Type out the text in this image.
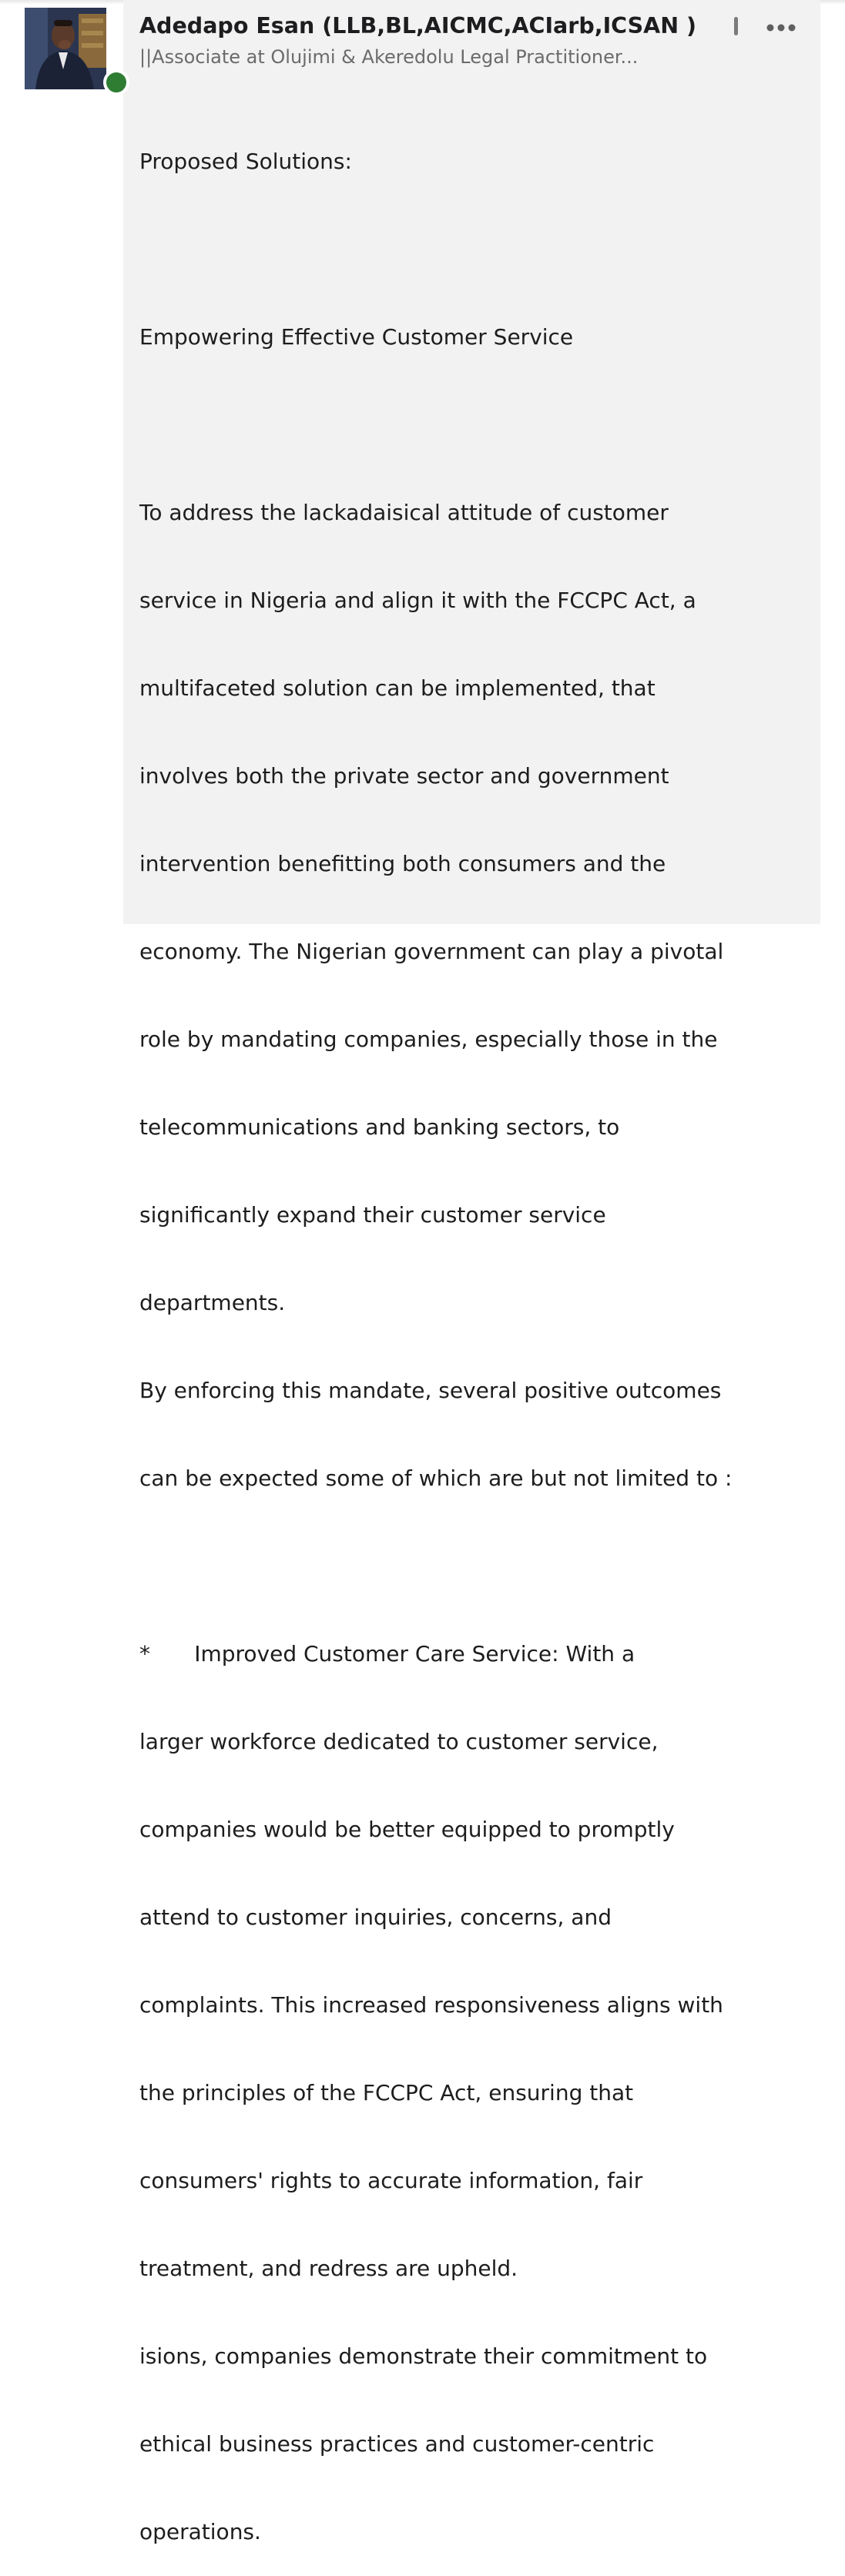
Adedapo Esan (LLB,BL,AICMC,ACIarb,ICSAN )
||Associate at Olujimi & Akeredolu Legal Practitioner...

Proposed Solutions:

Empowering Effective Customer Service

To address the lackadaisical attitude of customer

service in Nigeria and align it with the FCCPC Act, a

multifaceted solution can be implemented, that

involves both the private sector and government

intervention benefitting both consumers and the

economy. The Nigerian government can play a pivotal

role by mandating companies, especially those in the

telecommunications and banking sectors, to

significantly expand their customer service

departments.

By enforcing this mandate, several positive outcomes

can be expected some of which are but not limited to :

*		Improved Customer Care Service: With a

larger workforce dedicated to customer service,

companies would be better equipped to promptly

attend to customer inquiries, concerns, and

complaints. This increased responsiveness aligns with

the principles of the FCCPC Act, ensuring that

consumers' rights to accurate information, fair

treatment, and redress are upheld.

isions, companies demonstrate their commitment to

ethical business practices and customer-centric

operations.
